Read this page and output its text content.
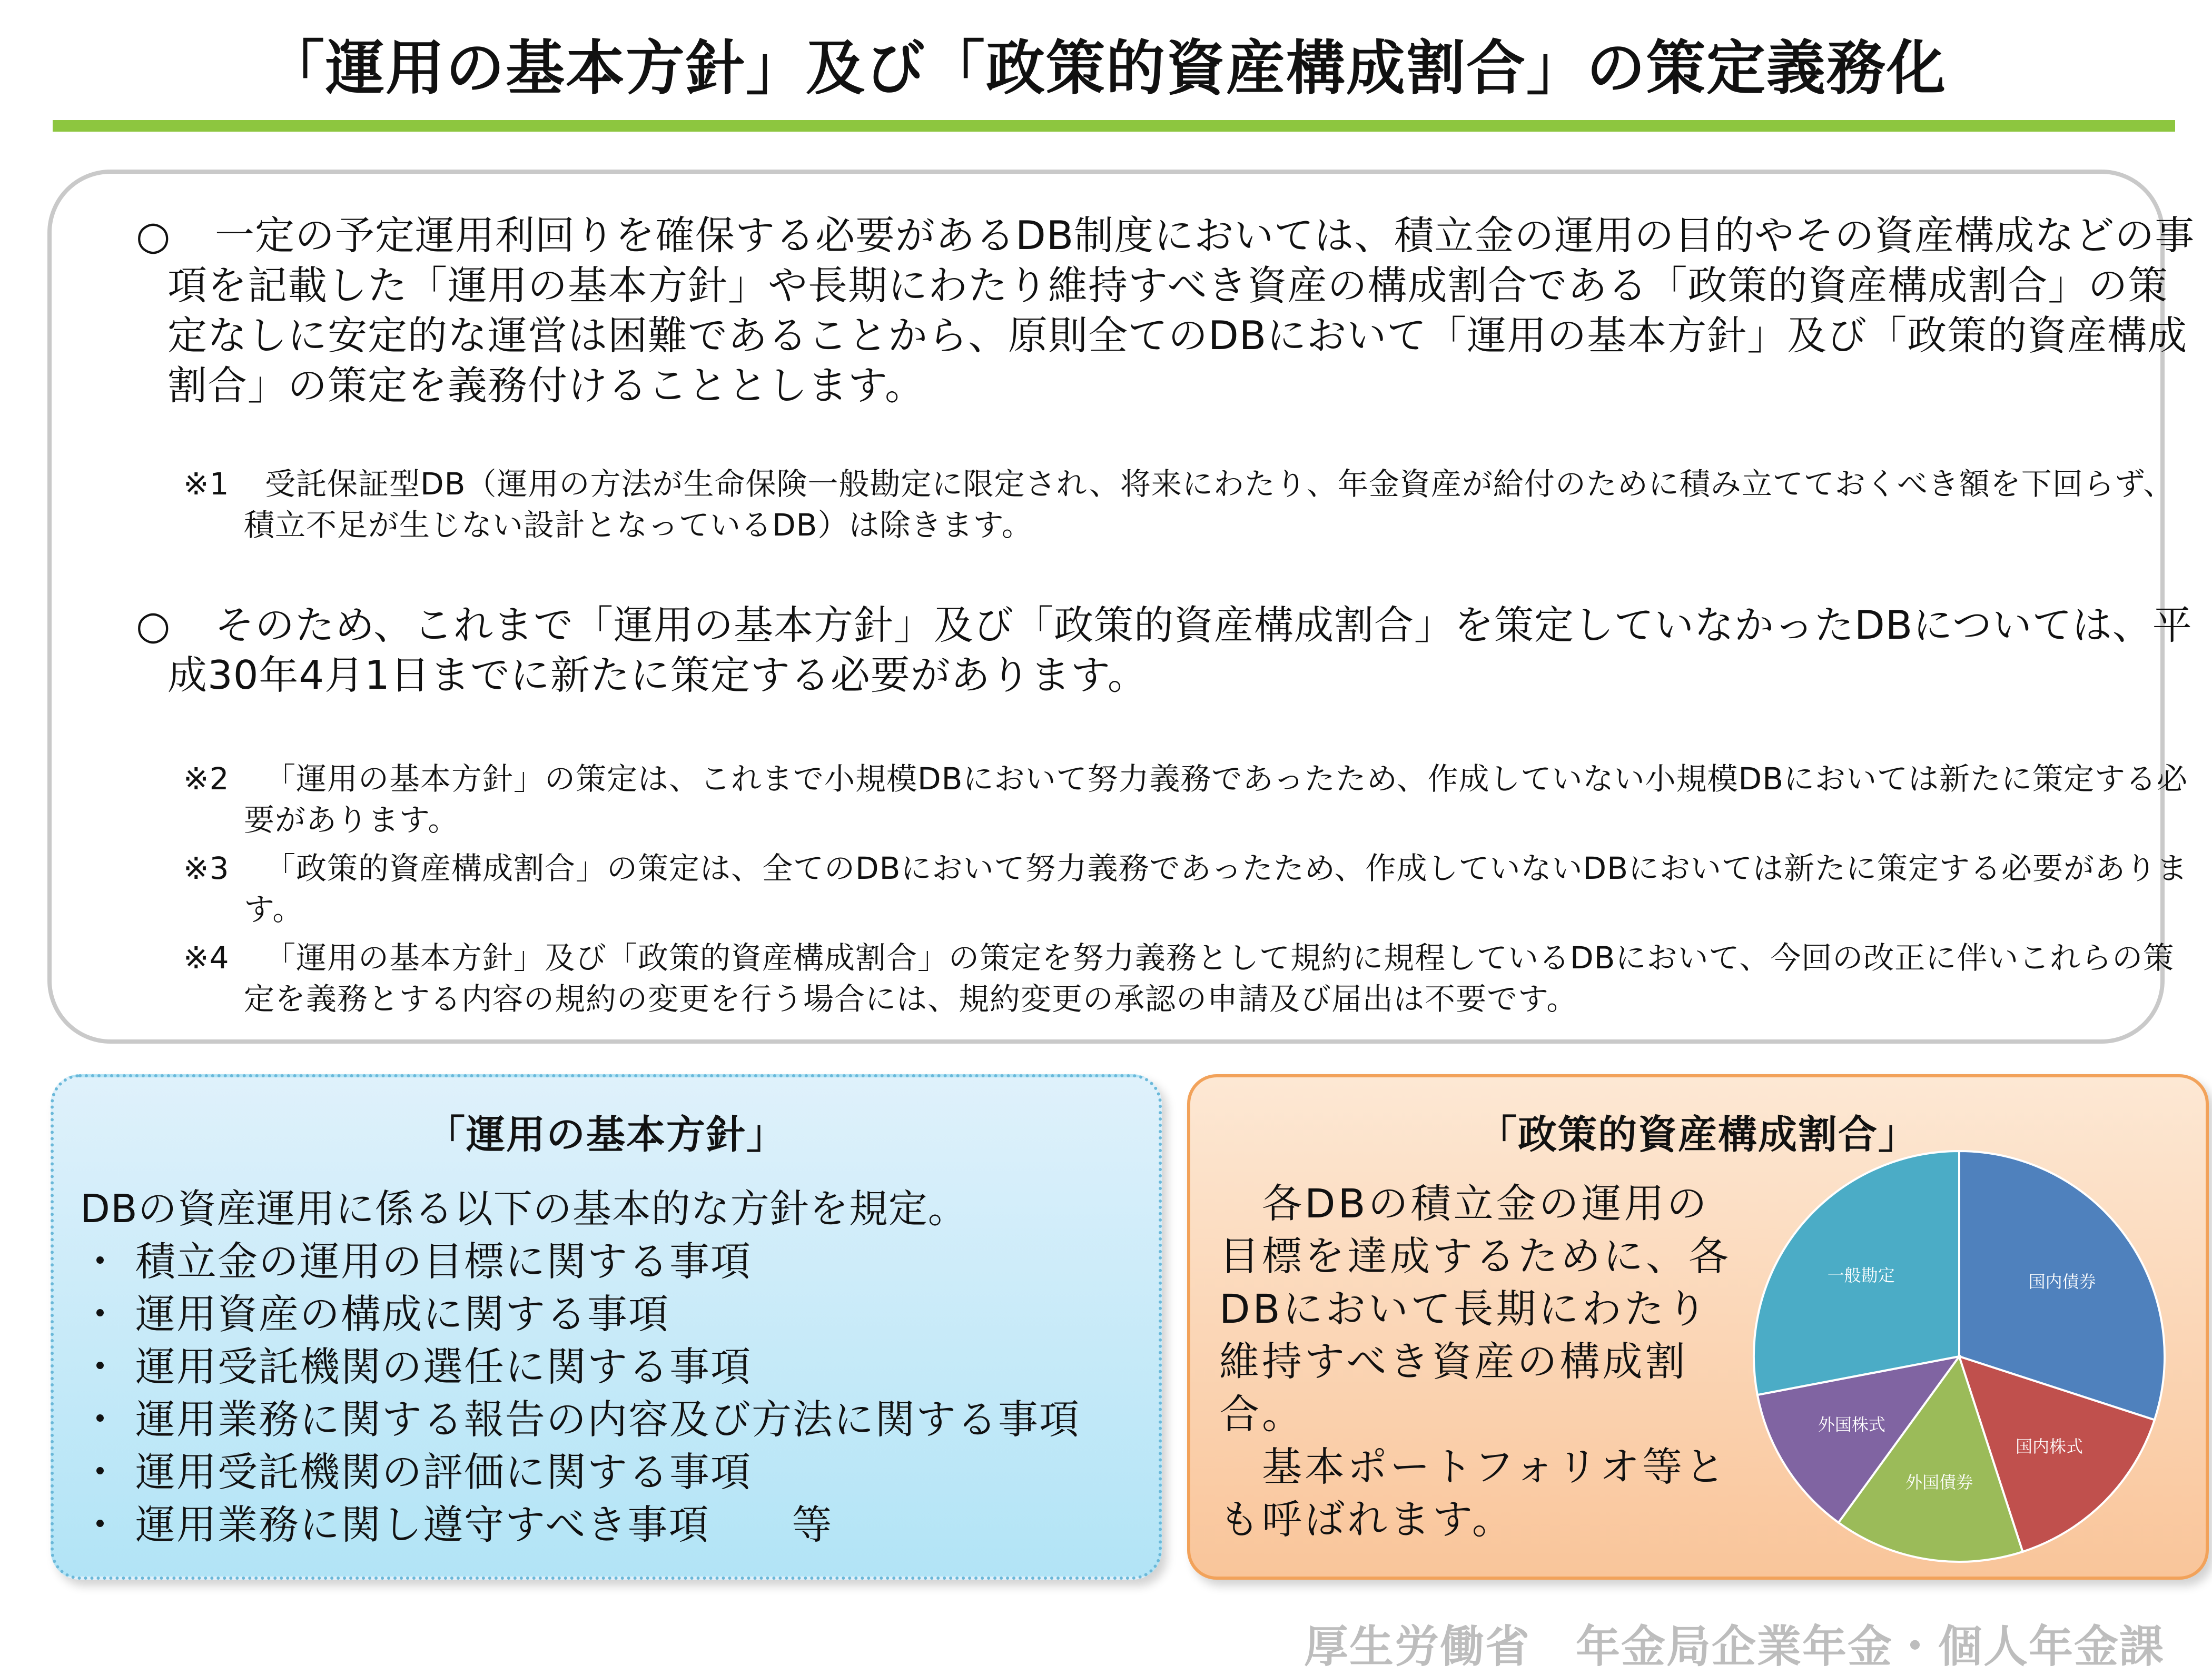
「運用の基本方針」及び「政策的資産構成割合」の策定義務化
○ 一定の予定運用利回りを確保する必要があるDB制度においては、積立金の運用の目的やその資産構成などの事項を記載した「運用の基本方針」や長期にわたり維持すべき資産の構成割合である「政策的資産構成割合」の策定なしに安定的な運営は困難であることから、原則全てのDBにおいて「運用の基本方針」及び「政策的資産構成割合」の策定を義務付けることとします。
※1 受託保証型DB（運用の方法が生命保険一般勘定に限定され、将来にわたり、年金資産が給付のために積み立てておくべき額を下回らず、積立不足が生じない設計となっているDB）は除きます。
○ そのため、これまで「運用の基本方針」及び「政策的資産構成割合」を策定していなかったDBについては、平成30年4月1日までに新たに策定する必要があります。
※2 「運用の基本方針」の策定は、これまで小規模DBにおいて努力義務であったため、作成していない小規模DBにおいては新たに策定する必要があります。
※3 「政策的資産構成割合」の策定は、全てのDBにおいて努力義務であったため、作成していないDBにおいては新たに策定する必要があります。
※4 「運用の基本方針」及び「政策的資産構成割合」の策定を努力義務として規約に規程しているDBにおいて、今回の改正に伴いこれらの策定を義務とする内容の規約の変更を行う場合には、規約変更の承認の申請及び届出は不要です。
「運用の基本方針」
DBの資産運用に係る以下の基本的な方針を規定。
・ 積立金の運用の目標に関する事項
・ 運用資産の構成に関する事項
・ 運用受託機関の選任に関する事項
・ 運用業務に関する報告の内容及び方法に関する事項
・ 運用受託機関の評価に関する事項
・ 運用業務に関し遵守すべき事項　　等
「政策的資産構成割合」
　各DBの積立金の運用の目標を達成するために、各DBにおいて長期にわたり維持すべき資産の構成割合。
　基本ポートフォリオ等とも呼ばれます。
国内債券
国内株式
外国債券
外国株式
一般勘定
厚生労働省　年金局企業年金・個人年金課
